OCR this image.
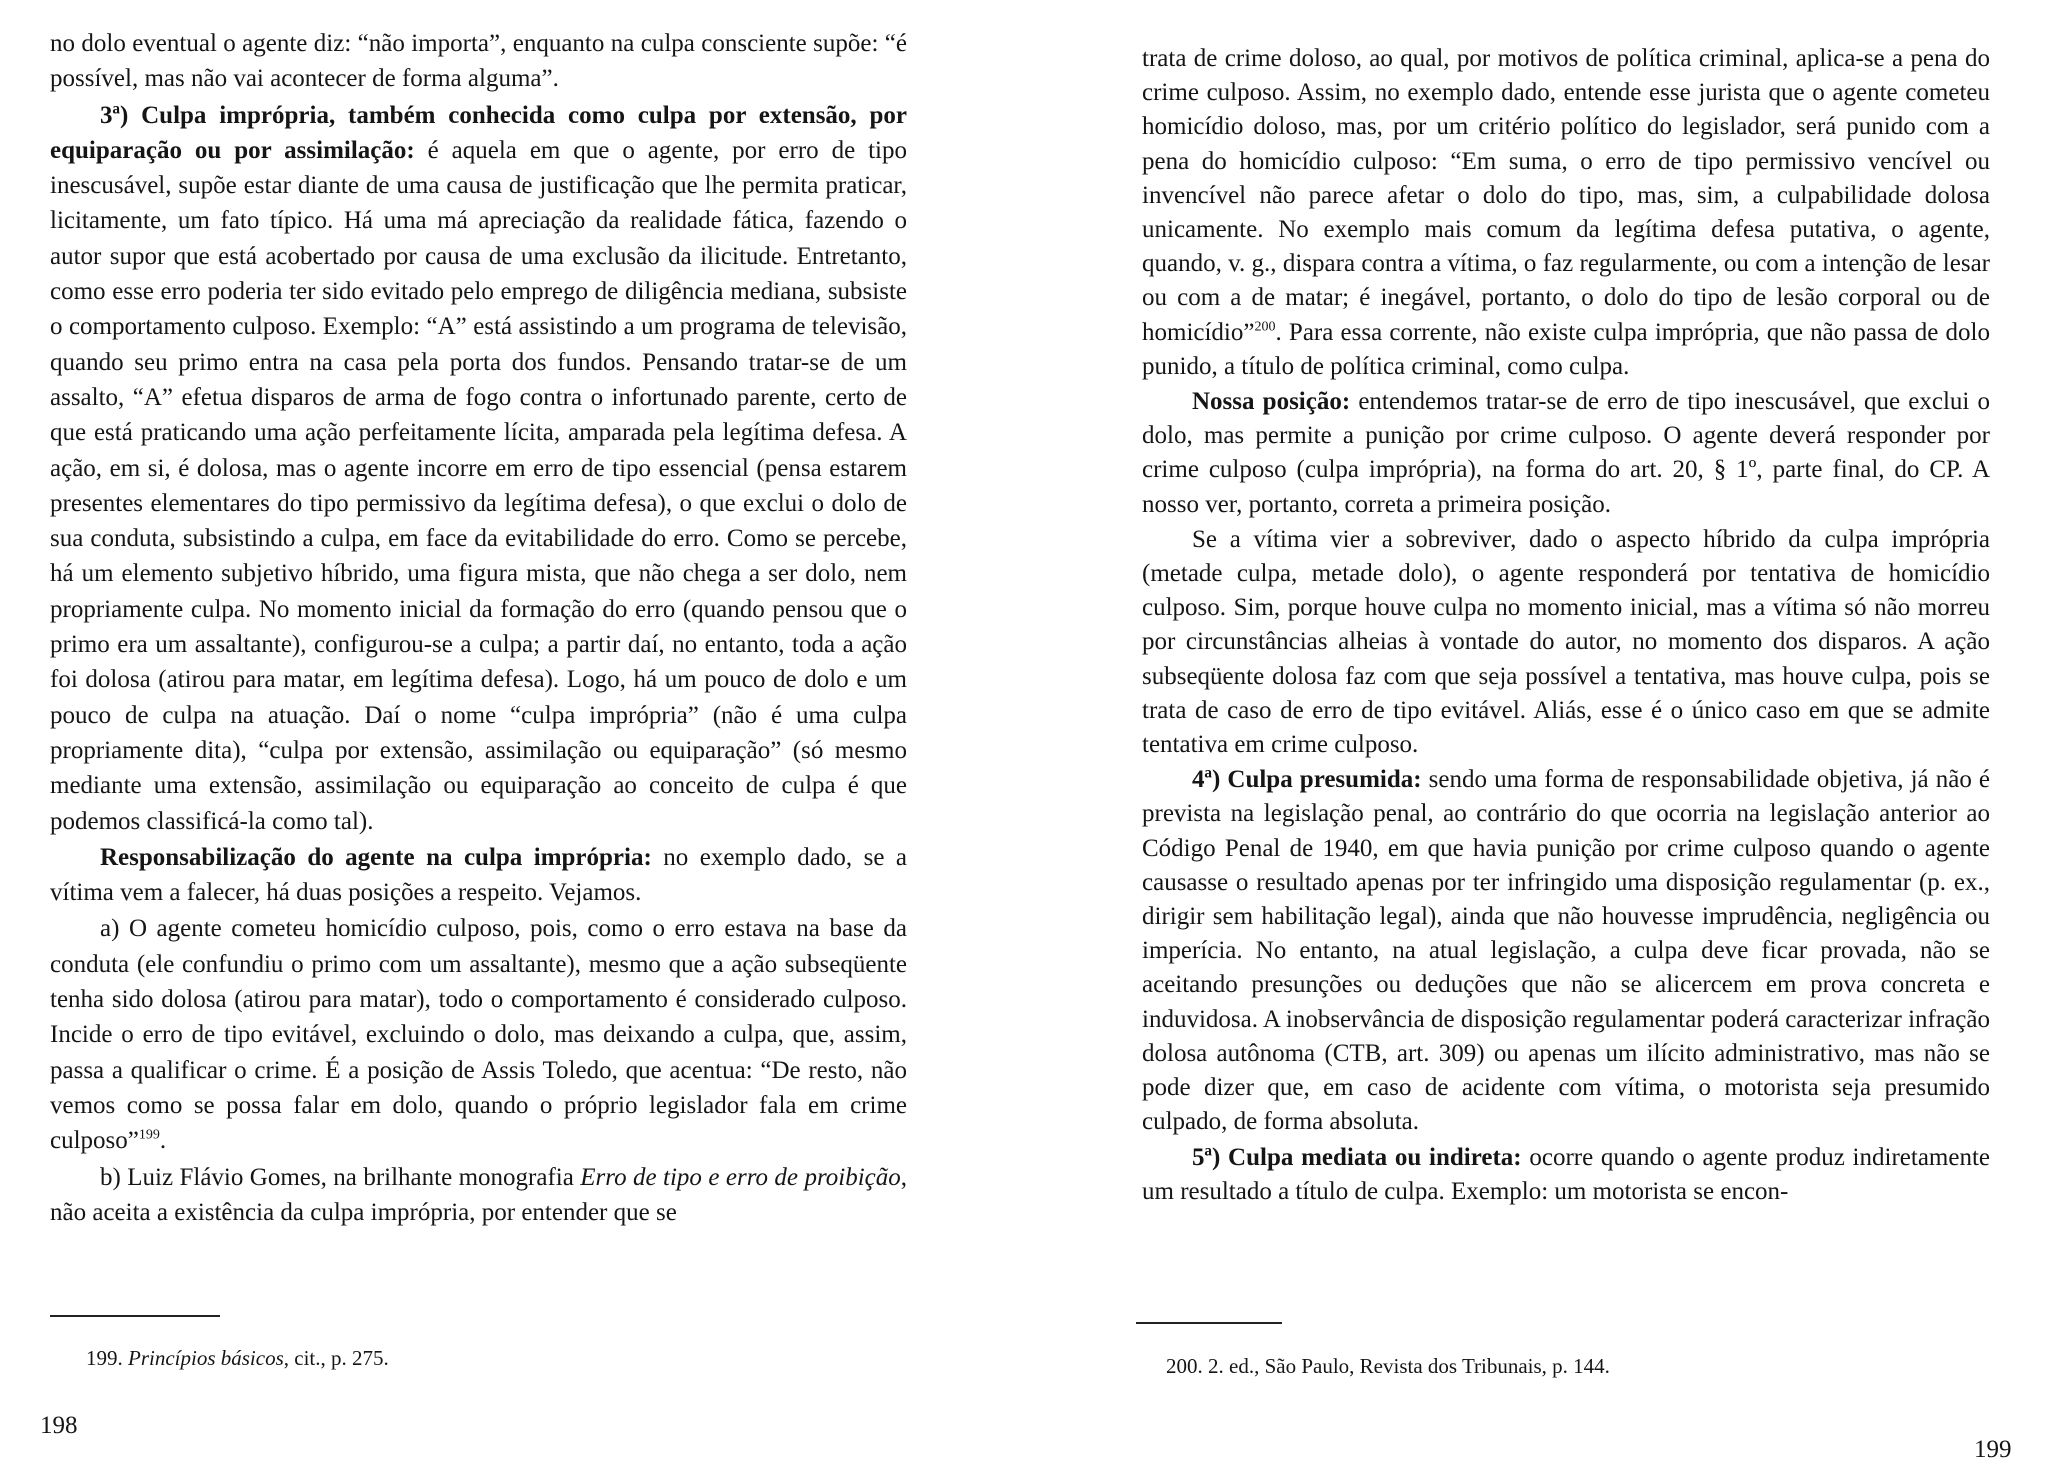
no dolo eventual o agente diz: “não importa”, enquanto na culpa consciente supõe: “é possível, mas não vai acontecer de forma alguma”.

3ª) Culpa imprópria, também conhecida como culpa por extensão, por equiparação ou por assimilação: é aquela em que o agente, por erro de tipo inescusável, supõe estar diante de uma causa de justificação que lhe permita praticar, licitamente, um fato típico. Há uma má apreciação da realidade fática, fazendo o autor supor que está acobertado por causa de uma exclusão da ilicitude. Entretanto, como esse erro poderia ter sido evitado pelo emprego de diligência mediana, subsiste o comportamento culposo. Exemplo: “A” está assistindo a um programa de televisão, quando seu primo entra na casa pela porta dos fundos. Pensando tratar-se de um assalto, “A” efetua disparos de arma de fogo contra o infortunado parente, certo de que está praticando uma ação perfeitamente lícita, amparada pela legítima defesa. A ação, em si, é dolosa, mas o agente incorre em erro de tipo essencial (pensa estarem presentes elementares do tipo permissivo da legítima defesa), o que exclui o dolo de sua conduta, subsistindo a culpa, em face da evitabilidade do erro. Como se percebe, há um elemento subjetivo híbrido, uma figura mista, que não chega a ser dolo, nem propriamente culpa. No momento inicial da formação do erro (quando pensou que o primo era um assaltante), configurou-se a culpa; a partir daí, no entanto, toda a ação foi dolosa (atirou para matar, em legítima defesa). Logo, há um pouco de dolo e um pouco de culpa na atuação. Daí o nome “culpa imprópria” (não é uma culpa propriamente dita), “culpa por extensão, assimilação ou equiparação” (só mesmo mediante uma extensão, assimilação ou equiparação ao conceito de culpa é que podemos classificá-la como tal).

Responsabilização do agente na culpa imprópria: no exemplo dado, se a vítima vem a falecer, há duas posições a respeito. Vejamos.

a) O agente cometeu homicídio culposo, pois, como o erro estava na base da conduta (ele confundiu o primo com um assaltante), mesmo que a ação subseqüente tenha sido dolosa (atirou para matar), todo o comportamento é considerado culposo. Incide o erro de tipo evitável, excluindo o dolo, mas deixando a culpa, que, assim, passa a qualificar o crime. É a posição de Assis Toledo, que acentua: “De resto, não vemos como se possa falar em dolo, quando o próprio legislador fala em crime culposo”$^{199}$.

b) Luiz Flávio Gomes, na brilhante monografia Erro de tipo e erro de proibição, não aceita a existência da culpa imprópria, por entender que se

199. Princípios básicos, cit., p. 275.
198

trata de crime doloso, ao qual, por motivos de política criminal, aplica-se a pena do crime culposo. Assim, no exemplo dado, entende esse jurista que o agente cometeu homicídio doloso, mas, por um critério político do legislador, será punido com a pena do homicídio culposo: “Em suma, o erro de tipo permissivo vencível ou invencível não parece afetar o dolo do tipo, mas, sim, a culpabilidade dolosa unicamente. No exemplo mais comum da legítima defesa putativa, o agente, quando, v. g., dispara contra a vítima, o faz regularmente, ou com a intenção de lesar ou com a de matar; é inegável, portanto, o dolo do tipo de lesão corporal ou de homicídio”$^{200}$. Para essa corrente, não existe culpa imprópria, que não passa de dolo punido, a título de política criminal, como culpa.

Nossa posição: entendemos tratar-se de erro de tipo inescusável, que exclui o dolo, mas permite a punição por crime culposo. O agente deverá responder por crime culposo (culpa imprópria), na forma do art. 20, § 1º, parte final, do CP. A nosso ver, portanto, correta a primeira posição.

Se a vítima vier a sobreviver, dado o aspecto híbrido da culpa imprópria (metade culpa, metade dolo), o agente responderá por tentativa de homicídio culposo. Sim, porque houve culpa no momento inicial, mas a vítima só não morreu por circunstâncias alheias à vontade do autor, no momento dos disparos. A ação subseqüente dolosa faz com que seja possível a tentativa, mas houve culpa, pois se trata de caso de erro de tipo evitável. Aliás, esse é o único caso em que se admite tentativa em crime culposo.

4ª) Culpa presumida: sendo uma forma de responsabilidade objetiva, já não é prevista na legislação penal, ao contrário do que ocorria na legislação anterior ao Código Penal de 1940, em que havia punição por crime culposo quando o agente causasse o resultado apenas por ter infringido uma disposição regulamentar (p. ex., dirigir sem habilitação legal), ainda que não houvesse imprudência, negligência ou imperícia. No entanto, na atual legislação, a culpa deve ficar provada, não se aceitando presunções ou deduções que não se alicercem em prova concreta e induvidosa. A inobservância de disposição regulamentar poderá caracterizar infração dolosa autônoma (CTB, art. 309) ou apenas um ilícito administrativo, mas não se pode dizer que, em caso de acidente com vítima, o motorista seja presumido culpado, de forma absoluta.

5ª) Culpa mediata ou indireta: ocorre quando o agente produz indiretamente um resultado a título de culpa. Exemplo: um motorista se encon-

200. 2. ed., São Paulo, Revista dos Tribunais, p. 144.
199
